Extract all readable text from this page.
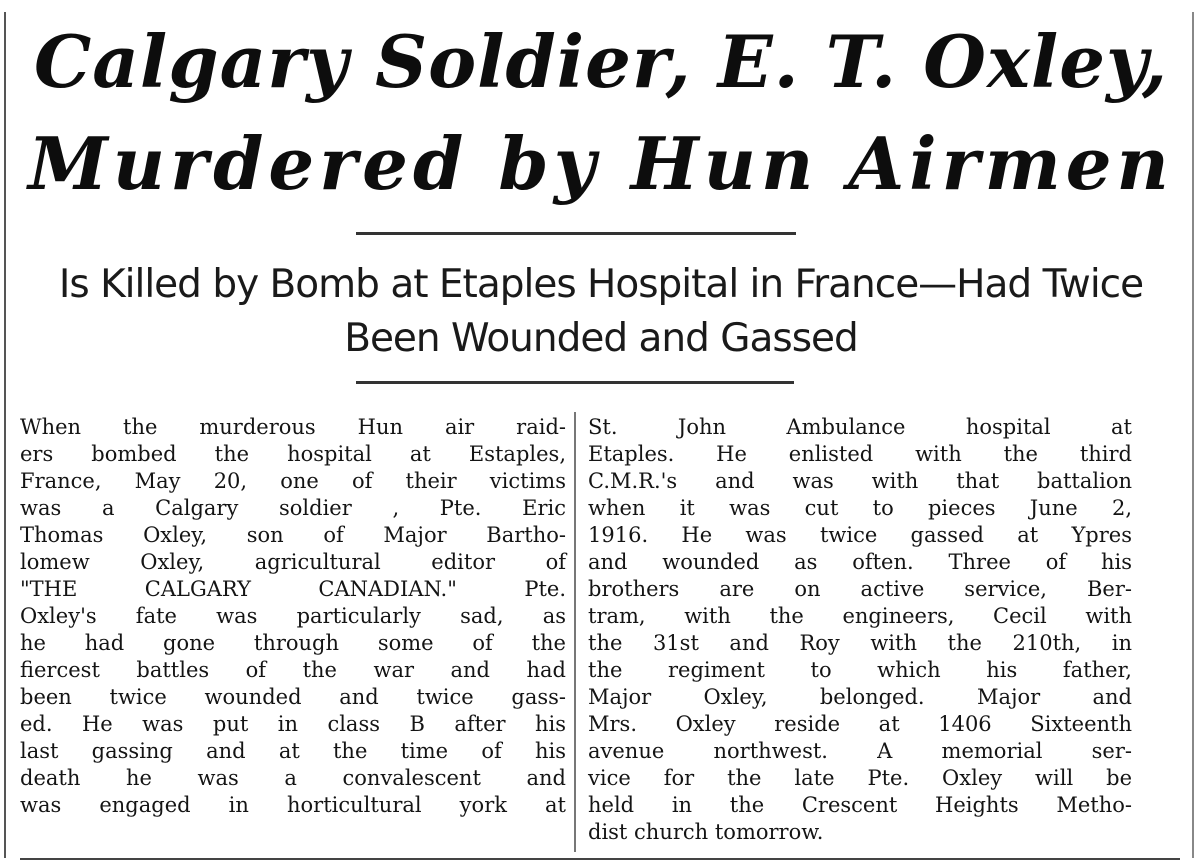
Calgary Soldier, E. T. Oxley,
Murdered by Hun Airmen
Is Killed by Bomb at Etaples Hospital in France—Had Twice
Been Wounded and Gassed
When the murderous Hun air raid-
ers bombed the hospital at Estaples,
France, May 20, one of their victims
was a Calgary soldier , Pte. Eric
Thomas Oxley, son of Major Bartho-
lomew Oxley, agricultural editor of
"THE CALGARY CANADIAN." Pte.
Oxley's fate was particularly sad, as
he had gone through some of the
fiercest battles of the war and had
been twice wounded and twice gass-
ed. He was put in class B after his
last gassing and at the time of his
death he was a convalescent and
was engaged in horticultural york at
St. John Ambulance hospital at
Etaples. He enlisted with the third
C.M.R.'s and was with that battalion
when it was cut to pieces June 2,
1916. He was twice gassed at Ypres
and wounded as often. Three of his
brothers are on active service, Ber-
tram, with the engineers, Cecil with
the 31st and Roy with the 210th, in
the regiment to which his father,
Major Oxley, belonged. Major and
Mrs. Oxley reside at 1406 Sixteenth
avenue northwest. A memorial ser-
vice for the late Pte. Oxley will be
held in the Crescent Heights Metho-
dist church tomorrow.
